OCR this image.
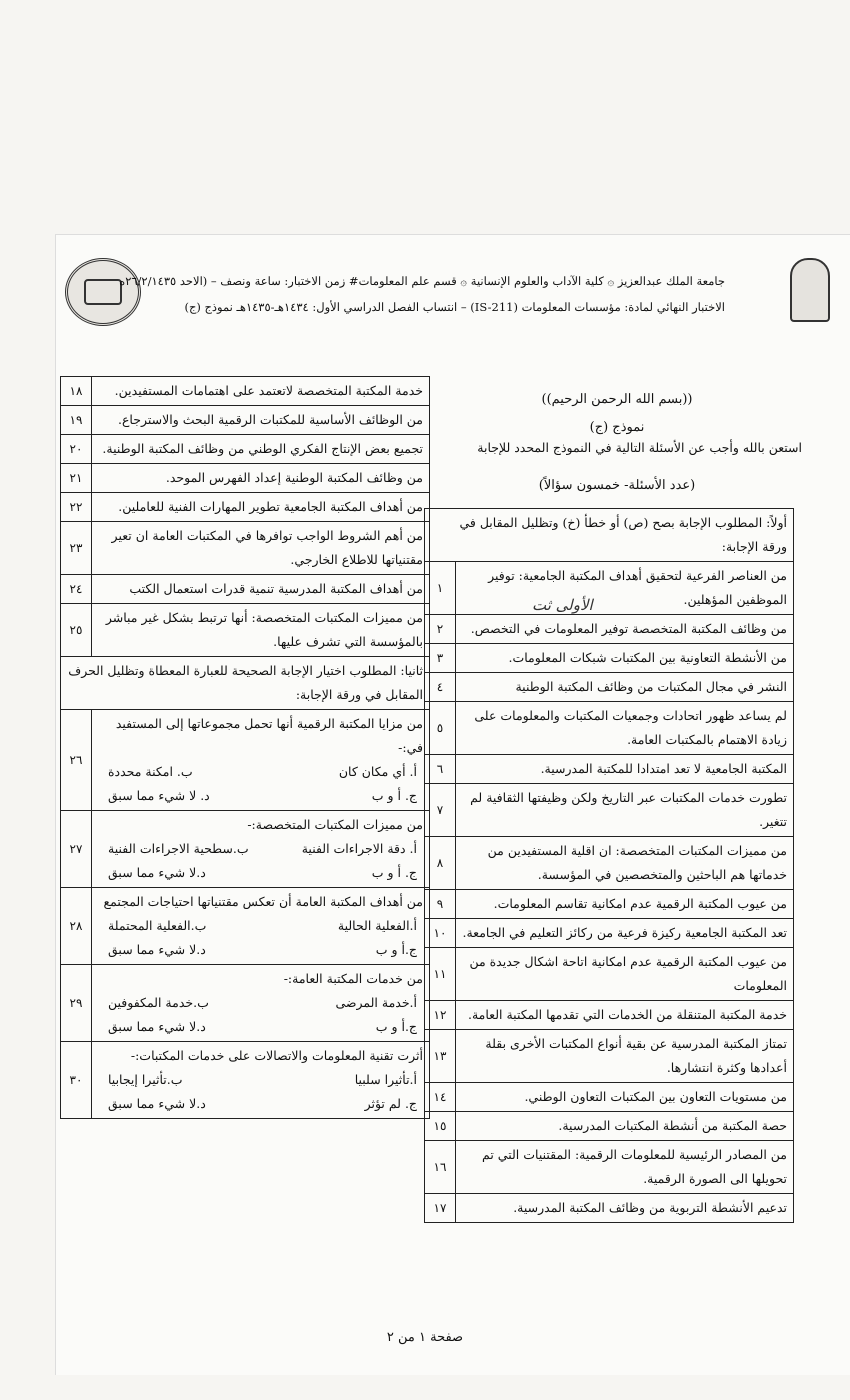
جامعة الملك عبدالعزيز ۞ كلية الآداب والعلوم الإنسانية ۞ قسم علم المعلومات# زمن الاختبار: ساعة ونصف – (الاحد ٢٦/٢/١٤٣٥ه
الاختبار النهائي لمادة: مؤسسات المعلومات (IS-211) – انتساب الفصل الدراسي الأول: ١٤٣٤هـ-١٤٣٥هـ نموذج (ج)
((بسم الله الرحمن الرحيم))
نموذج (ج)
استعن بالله وأجب عن الأسئلة التالية في النموذج المحدد للإجابة
(عدد الأسئلة- خمسون سؤالاً)
الأولى ثت
أولاً: المطلوب الإجابة بصح (ص) أو خطأ (خ) وتظليل المقابل في ورقة الإجابة:	
من العناصر الفرعية لتحقيق أهداف المكتبة الجامعية: توفير الموظفين المؤهلين.	١
من وظائف المكتبة المتخصصة توفير المعلومات في التخصص.	٢
من الأنشطة التعاونية بين المكتبات شبكات المعلومات.	٣
النشر في مجال المكتبات من وظائف المكتبة الوطنية	٤
لم يساعد ظهور اتحادات وجمعيات المكتبات والمعلومات على زيادة الاهتمام بالمكتبات العامة.	٥
المكتبة الجامعية لا تعد امتدادا للمكتبة المدرسية.	٦
تطورت خدمات المكتبات عبر التاريخ ولكن وظيفتها الثقافية لم تتغير.	٧
من مميزات المكتبات المتخصصة: ان اقلية المستفيدين من خدماتها هم الباحثين والمتخصصين في المؤسسة.	٨
من عيوب المكتبة الرقمية عدم امكانية تقاسم المعلومات.	٩
تعد المكتبة الجامعية ركيزة فرعية من ركائز التعليم في الجامعة.	١٠
من عيوب المكتبة الرقمية عدم امكانية اتاحة اشكال جديدة من المعلومات	١١
خدمة المكتبة المتنقلة من الخدمات التي تقدمها المكتبة العامة.	١٢
تمتاز المكتبة المدرسية عن بقية أنواع المكتبات الأخرى بقلة أعدادها وكثرة انتشارها.	١٣
من مستويات التعاون بين المكتبات التعاون الوطني.	١٤
حصة المكتبة من أنشطة المكتبات المدرسية.	١٥
من المصادر الرئيسية للمعلومات الرقمية: المقتنيات التي تم تحويلها الى الصورة الرقمية.	١٦
تدعيم الأنشطة التربوية من وظائف المكتبة المدرسية.	١٧
خدمة المكتبة المتخصصة لاتعتمد على اهتمامات المستفيدين.	١٨
من الوظائف الأساسية للمكتبات الرقمية البحث والاسترجاع.	١٩
تجميع بعض الإنتاج الفكري الوطني من وظائف المكتبة الوطنية.	٢٠
من وظائف المكتبة الوطنية إعداد الفهرس الموحد.	٢١
من أهداف المكتبة الجامعية تطوير المهارات الفنية للعاملين.	٢٢
من أهم الشروط الواجب توافرها في المكتبات العامة ان تعير مقتنياتها للاطلاع الخارجي.	٢٣
من أهداف المكتبة المدرسية تنمية قدرات استعمال الكتب	٢٤
من مميزات المكتبات المتخصصة: أنها ترتبط بشكل غير مباشر بالمؤسسة التي تشرف عليها.	٢٥
ثانيا: المطلوب اختيار الإجابة الصحيحة للعبارة المعطاة وتظليل الحرف المقابل في ورقة الإجابة:	

من مزايا المكتبة الرقمية أنها تحمل مجموعاتها إلى المستفيد في:-
أ. أي مكان كان
ب. امكنة محددة
ج. أ و ب
د. لا شيء مما سبق	٢٦

من مميزات المكتبات المتخصصة:-
أ. دقة الاجراءات الفنية
ب.سطحية الاجراءات الفنية
ج. أ و ب
د.لا شيء مما سبق	٢٧

من أهداف المكتبة العامة أن تعكس مقتنياتها احتياجات المجتمع
أ.الفعلية الحالية
ب.الفعلية المحتملة
ج.أ و ب
د.لا شيء مما سبق	٢٨

من خدمات المكتبة العامة:-
أ.خدمة المرضى
ب.خدمة المكفوفين
ج.أ و ب
د.لا شيء مما سبق	٢٩

أثرت تقنية المعلومات والاتصالات على خدمات المكتبات:-
أ.تأثيرا سلبيا
ب.تأثيرا إيجابيا
ج. لم تؤثر
د.لا شيء مما سبق	٣٠
صفحة ١ من ٢
